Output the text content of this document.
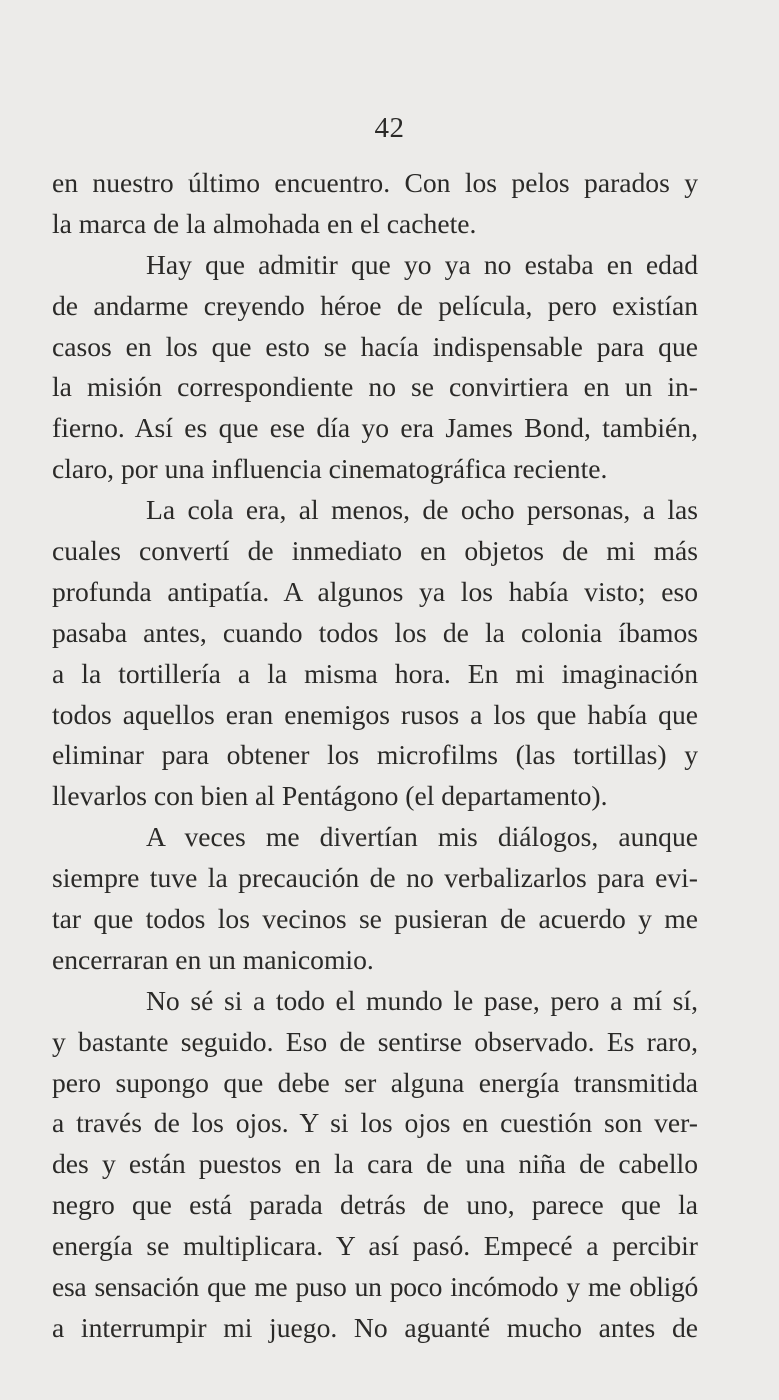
42
en nuestro último encuentro. Con los pelos parados y
la marca de la almohada en el cachete.
Hay que admitir que yo ya no estaba en edad
de andarme creyendo héroe de película, pero existían
casos en los que esto se hacía indispensable para que
la misión correspondiente no se convirtiera en un in-
fierno. Así es que ese día yo era James Bond, también,
claro, por una influencia cinematográfica reciente.
La cola era, al menos, de ocho personas, a las
cuales convertí de inmediato en objetos de mi más
profunda antipatía. A algunos ya los había visto; eso
pasaba antes, cuando todos los de la colonia íbamos
a la tortillería a la misma hora. En mi imaginación
todos aquellos eran enemigos rusos a los que había que
eliminar para obtener los microfilms (las tortillas) y
llevarlos con bien al Pentágono (el departamento).
A veces me divertían mis diálogos, aunque
siempre tuve la precaución de no verbalizarlos para evi-
tar que todos los vecinos se pusieran de acuerdo y me
encerraran en un manicomio.
No sé si a todo el mundo le pase, pero a mí sí,
y bastante seguido. Eso de sentirse observado. Es raro,
pero supongo que debe ser alguna energía transmitida
a través de los ojos. Y si los ojos en cuestión son ver-
des y están puestos en la cara de una niña de cabello
negro que está parada detrás de uno, parece que la
energía se multiplicara. Y así pasó. Empecé a percibir
esa sensación que me puso un poco incómodo y me obligó
a interrumpir mi juego. No aguanté mucho antes de
